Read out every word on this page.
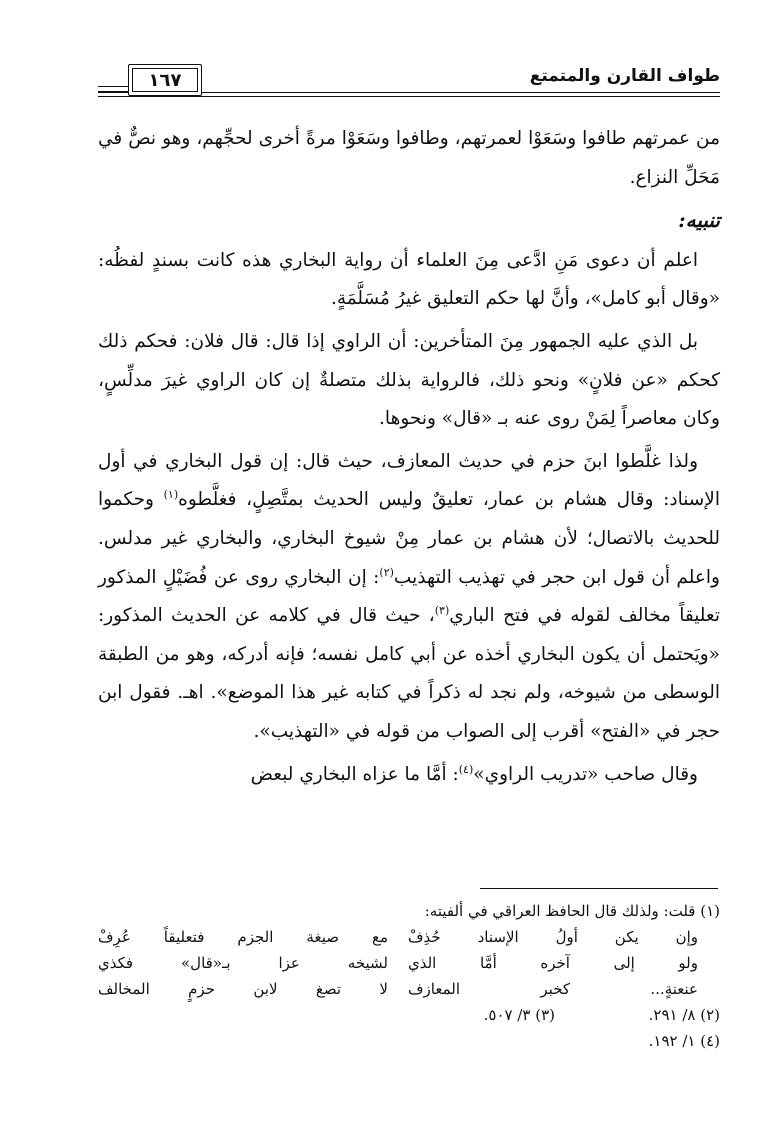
١٦٧	طواف القارن والمتمتع

من عمرتهم طافوا وسَعَوْا لعمرتهم، وطافوا وسَعَوْا مرةً أخرى لحجِّهم، وهو نصٌّ في مَحَلِّ النزاع.

تنبيه:

اعلم أن دعوى مَنِ ادَّعى مِنَ العلماء أن رواية البخاري هذه كانت بسندٍ لفظُه: «وقال أبو كامل»، وأنَّ لها حكم التعليق غيرُ مُسَلَّمَةٍ.

بل الذي عليه الجمهور مِنَ المتأخرين: أن الراوي إذا قال: قال فلان: فحكم ذلك كحكم «عن فلانٍ» ونحو ذلك، فالرواية بذلك متصلةٌ إن كان الراوي غيرَ مدلِّسٍ، وكان معاصراً لِمَنْ روى عنه بـ «قال» ونحوها.

ولذا غلَّطوا ابنَ حزم في حديث المعازف، حيث قال: إن قول البخاري في أول الإسناد: وقال هشام بن عمار، تعليقٌ وليس الحديث بمتَّصِلٍ، فغلَّطوه$^{(١)}$ وحكموا للحديث بالاتصال؛ لأن هشام بن عمار مِنْ شيوخ البخاري، والبخاري غير مدلس. واعلم أن قول ابن حجر في تهذيب التهذيب$^{(٢)}$: إن البخاري روى عن فُضَيْلٍ المذكور تعليقاً مخالف لقوله في فتح الباري$^{(٣)}$، حيث قال في كلامه عن الحديث المذكور: «ويَحتمل أن يكون البخاري أخذه عن أبي كامل نفسه؛ فإنه أدركه، وهو من الطبقة الوسطى من شيوخه، ولم نجد له ذكراً في كتابه غير هذا الموضع». اهـ. فقول ابن حجر في «الفتح» أقرب إلى الصواب من قوله في «التهذيب».

وقال صاحب «تدريب الراوي»$^{(٤)}$: أمَّا ما عزاه البخاري لبعض

(١) قلت: ولذلك قال الحافظ العراقي في ألفيته:

وإن يكن أولُ الإسناد حُذِفْ
مع صيغة الجزم فتعليقاً عُرِفْ
ولو إلى آخره أمَّا الذي
لشيخه عزا بـ«قال» فكذي
عنعنةٍ... كخبر المعازف
لا تصغ لابن حزمٍ المخالف
(٢) ٨/ ٢٩١.
(٣) ٣/ ٥٠٧.

(٤) ١/ ١٩٢.
